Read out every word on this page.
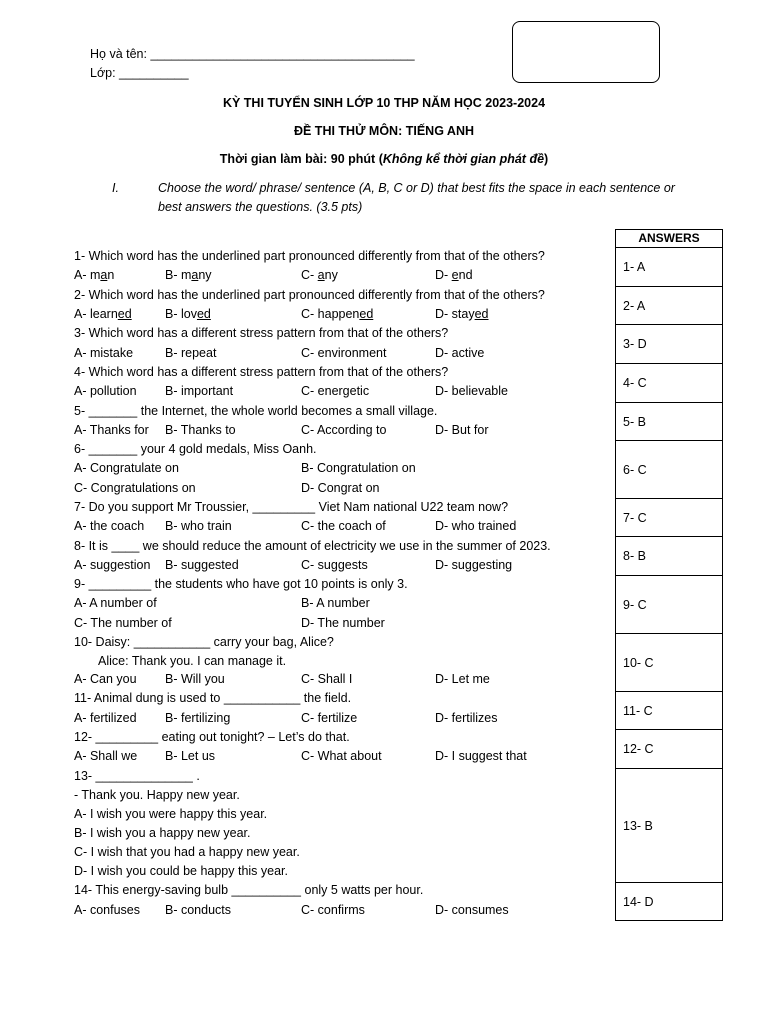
Họ và tên: ______________________________________
Lớp: __________
KỲ THI TUYỂN SINH LỚP 10 THP NĂM HỌC 2023-2024
ĐỀ THI THỬ MÔN: TIẾNG ANH
Thời gian làm bài: 90 phút (Không kể thời gian phát đề)
I.	Choose the word/ phrase/ sentence (A, B, C or D) that best fits the space in each sentence or
best answers the questions. (3.5 pts)
1- Which word has the underlined part pronounced differently from that of the others?
A- man	B- many	C- any	D- end
2- Which word has the underlined part pronounced differently from that of the others?
A- learned	B- loved	C- happened	D- stayed
3- Which word has a different stress pattern from that of the others?
A- mistake	B- repeat	C- environment	D- active
4- Which word has a different stress pattern from that of the others?
A- pollution B- important	C- energetic	D- believable
5- _______ the Internet, the whole world becomes a small village.
A- Thanks for B- Thanks to	C- According to	D- But for
6- _______ your 4 gold medals, Miss Oanh.
A- Congratulate on	B- Congratulation on
C- Congratulations on	D- Congrat on
7- Do you support Mr Troussier, _________ Viet Nam national U22 team now?
A- the coach B- who train	C- the coach of	D- who trained
8- It is ____ we should reduce the amount of electricity we use in the summer of 2023.
A- suggestion B- suggested	C- suggests	D- suggesting
9- _________ the students who have got 10 points is only 3.
A- A number of	B- A number
C- The number of	D- The number
10- Daisy: ___________ carry your bag, Alice?
Alice: Thank you. I can manage it.
A- Can you B- Will you	C- Shall I	D- Let me
11- Animal dung is used to ___________ the field.
A- fertilized B- fertilizing	C- fertilize	D- fertilizes
12- _________ eating out tonight? – Let’s do that.
A- Shall we B- Let us	C- What about	D- I suggest that
13- ______________ .
- Thank you. Happy new year.
A- I wish you were happy this year.
B- I wish you a happy new year.
C- I wish that you had a happy new year.
D- I wish you could be happy this year.
14- This energy-saving bulb __________ only 5 watts per hour.
A- confuses B- conducts	C- confirms	D- consumes
ANSWERS
1- A
2- A
3- D
4- C
5- B
6- C
7- C
8- B
9- C
10- C
11- C
12- C
13- B
14- D
